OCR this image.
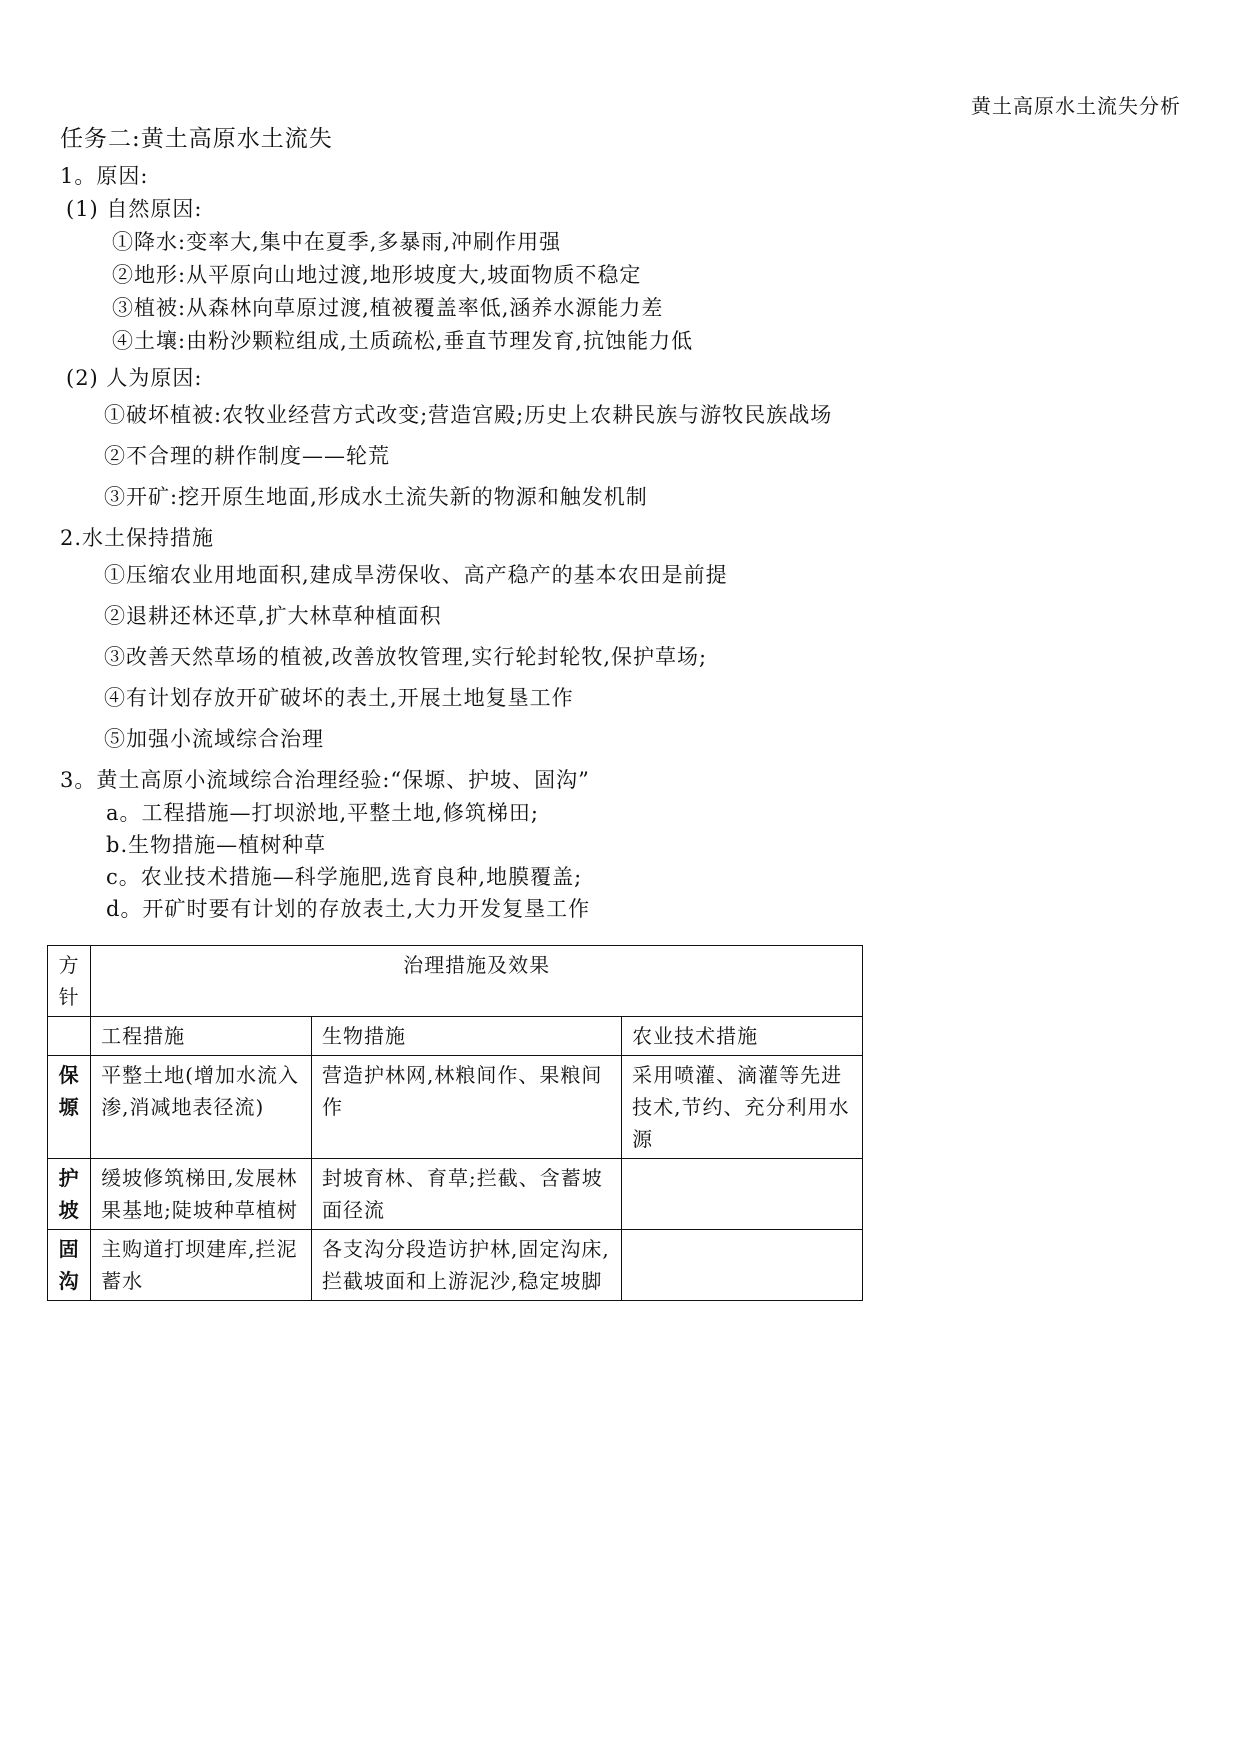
黄土高原水土流失分析
任务二:黄土高原水土流失
1。原因:
(1) 自然原因:
①降水:变率大,集中在夏季,多暴雨,冲刷作用强
②地形:从平原向山地过渡,地形坡度大,坡面物质不稳定
③植被:从森林向草原过渡,植被覆盖率低,涵养水源能力差
④土壤:由粉沙颗粒组成,土质疏松,垂直节理发育,抗蚀能力低
(2) 人为原因:
①破坏植被:农牧业经营方式改变;营造宫殿;历史上农耕民族与游牧民族战场
②不合理的耕作制度——轮荒
③开矿:挖开原生地面,形成水土流失新的物源和触发机制
2.水土保持措施
①压缩农业用地面积,建成旱涝保收、高产稳产的基本农田是前提
②退耕还林还草,扩大林草种植面积
③改善天然草场的植被,改善放牧管理,实行轮封轮牧,保护草场;
④有计划存放开矿破坏的表土,开展土地复垦工作
⑤加强小流域综合治理
3。黄土高原小流域综合治理经验:“保塬、护坡、固沟”
a。工程措施—打坝淤地,平整土地,修筑梯田;
b.生物措施—植树种草
c。农业技术措施—科学施肥,选育良种,地膜覆盖;
d。开矿时要有计划的存放表土,大力开发复垦工作
方针	治理措施及效果		
	工程措施	生物措施	农业技术措施
保塬	平整土地(增加水流入渗,消减地表径流)	营造护林网,林粮间作、果粮间作	采用喷灌、滴灌等先进技术,节约、充分利用水源
护坡	缓坡修筑梯田,发展林果基地;陡坡种草植树	封坡育林、育草;拦截、含蓄坡面径流	
固沟	主购道打坝建库,拦泥蓄水	各支沟分段造访护林,固定沟床,拦截坡面和上游泥沙,稳定坡脚	
